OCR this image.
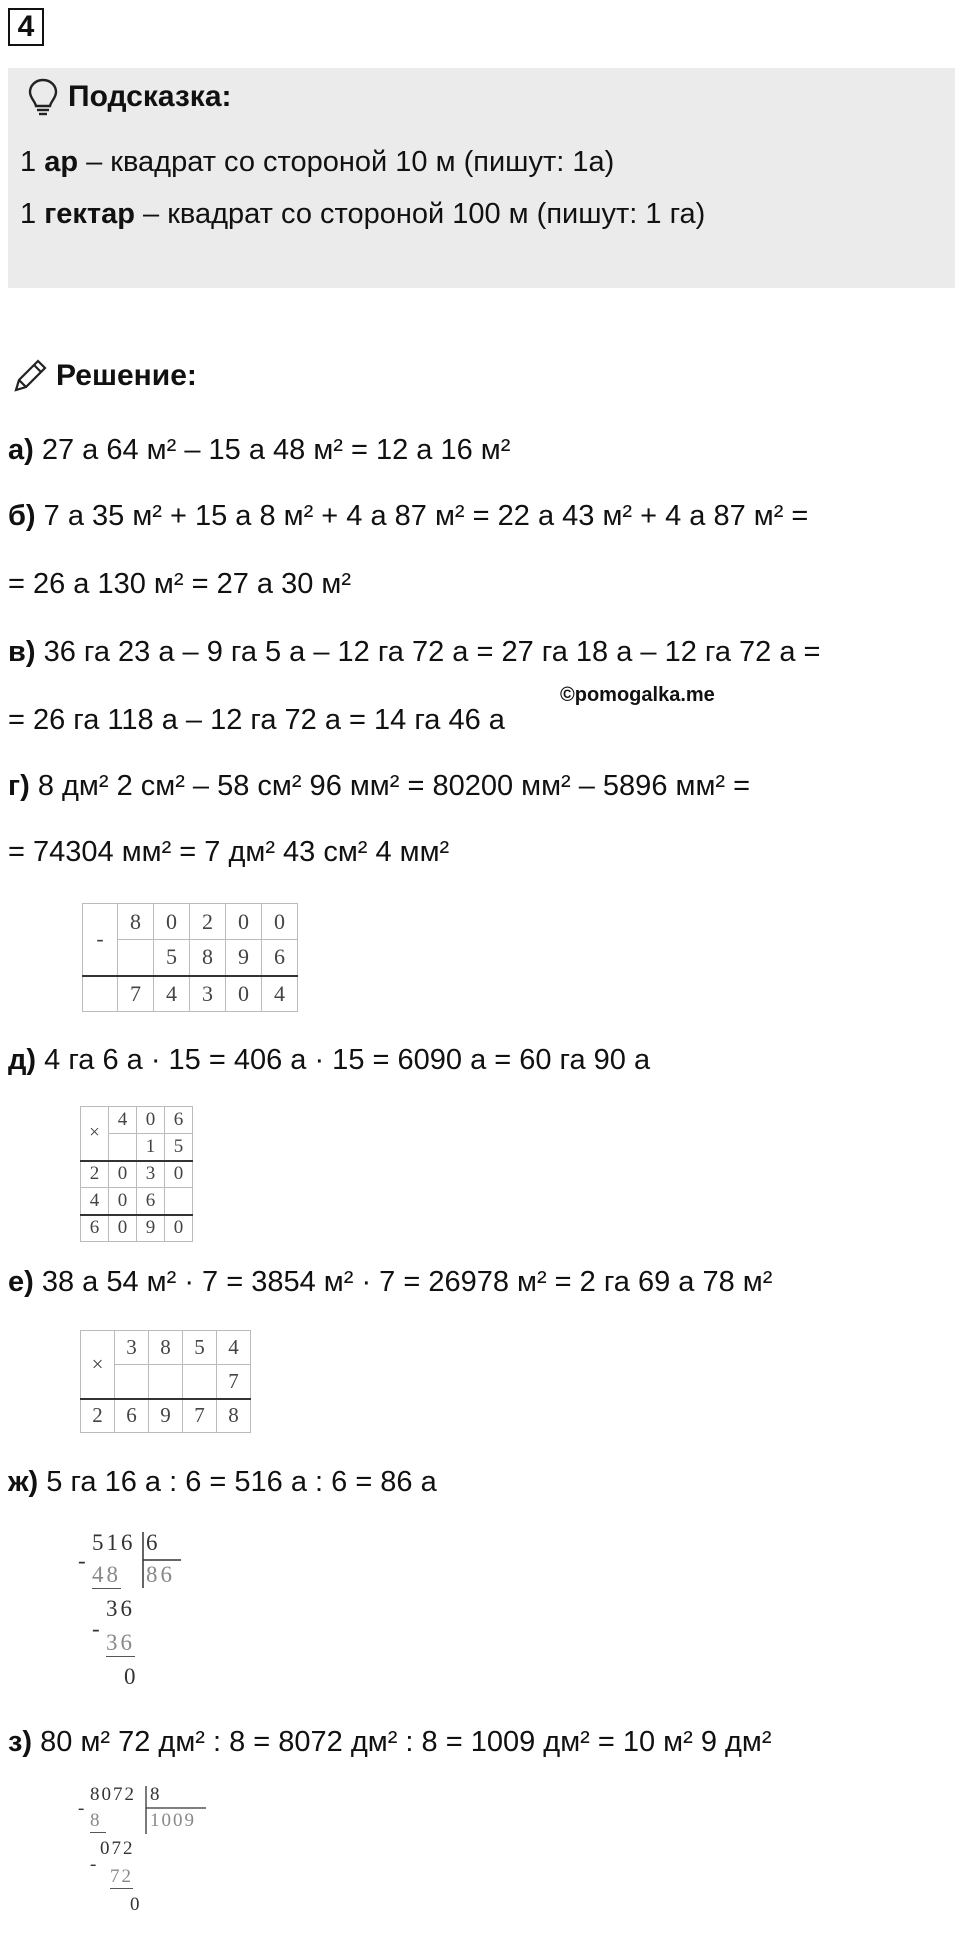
4
Подсказка:
1 ар – квадрат со стороной 10 м (пишут: 1а)
1 гектар – квадрат со стороной 100 м (пишут: 1 га)
Решение:
а) 27 а 64 м² – 15 а 48 м² = 12 а 16 м²
б) 7 а 35 м² + 15 а 8 м² + 4 а 87 м² = 22 а 43 м² + 4 а 87 м² =
= 26 а 130 м² = 27 а 30 м²
в) 36 га 23 а – 9 га 5 а – 12 га 72 а = 27 га 18 а – 12 га 72 а =
©pomogalka.me
= 26 га 118 а – 12 га 72 а = 14 га 46 а
г) 8 дм² 2 см² – 58 см² 96 мм² = 80200 мм² – 5896 мм² =
= 74304 мм² = 7 дм² 43 см² 4 мм²
-	8	0	2	0	0
		5	8	9	6
	7	4	3	0	4
д) 4 га 6 а · 15 = 406 а · 15 = 6090 а = 60 га 90 а
×	4	0	6
		1	5
2	0	3	0
4	0	6	
6	0	9	0
е) 38 а 54 м² · 7 = 3854 м² · 7 = 26978 м² = 2 га 69 а 78 м²
×	3	8	5	4
				7
2	6	9	7	8
ж) 5 га 16 а : 6 = 516 а : 6 = 86 а
516 6
-
48 86
36
-
36
0
з) 80 м² 72 дм² : 8 = 8072 дм² : 8 = 1009 дм² = 10 м² 9 дм²
8072 8
-
8	1009
072
-
72
0
